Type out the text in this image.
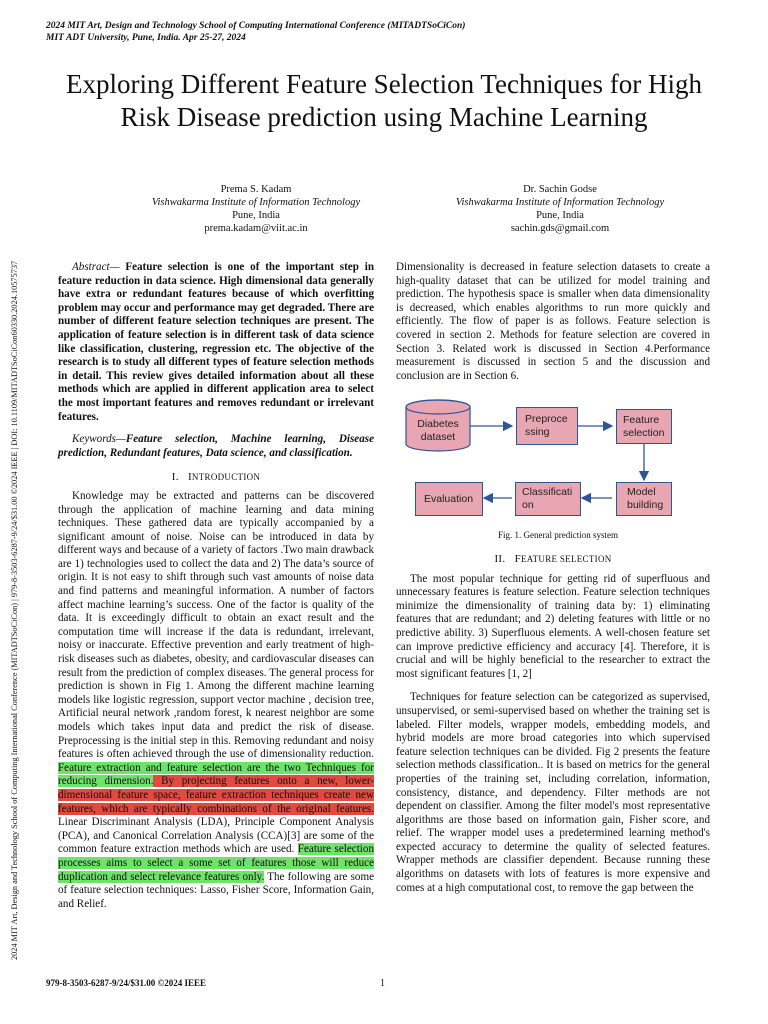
2024 MIT Art, Design and Technology School of Computing International Conference (MITADTSoCiCon)
MIT ADT University, Pune, India. Apr 25-27, 2024
2024 MIT Art, Design and Technology School of Computing International Conference (MITADTSoCiCon) | 979-8-3503-6287-9/24/$31.00 ©2024 IEEE | DOI: 10.1109/MITADTSoCiCon60330.2024.10575737
Exploring Different Feature Selection Techniques for High Risk Disease prediction using Machine Learning
Prema S. Kadam
Vishwakarma Institute of Information Technology
Pune, India
prema.kadam@viit.ac.in
Dr. Sachin Godse
Vishwakarma Institute of Information Technology
Pune, India
sachin.gds@gmail.com

Abstract— Feature selection is one of the important step in feature reduction in data science. High dimensional data generally have extra or redundant features because of which overfitting problem may occur and performance may get degraded. There are number of different feature selection techniques are present. The application of feature selection is in different task of data science like classification, clustering, regression etc. The objective of the research is to study all different types of feature selection methods in detail. This review gives detailed information about all these methods which are applied in different application area to select the most important features and removes redundant or irrelevant features.

Keywords—Feature selection, Machine learning, Disease prediction, Redundant features, Data science, and classification.

I. INTRODUCTION

Knowledge may be extracted and patterns can be discovered through the application of machine learning and data mining techniques. These gathered data are typically accompanied by a significant amount of noise. Noise can be introduced in data by different ways and because of a variety of factors .Two main drawback are 1) technologies used to collect the data and 2) The data’s source of origin. It is not easy to shift through such vast amounts of noise data and find patterns and meaningful information. A number of factors affect machine learning’s success. One of the factor is quality of the data. It is exceedingly difficult to obtain an exact result and the computation time will increase if the data is redundant, irrelevant, noisy or inaccurate. Effective prevention and early treatment of high-risk diseases such as diabetes, obesity, and cardiovascular diseases can result from the prediction of complex diseases. The general process for prediction is shown in Fig 1. Among the different machine learning models like logistic regression, support vector machine , decision tree, Artificial neural network ,random forest, k nearest neighbor are some models which takes input data and predict the risk of disease. Preprocessing is the initial step in this. Removing redundant and noisy features is often achieved through the use of dimensionality reduction. Feature extraction and feature selection are the two Techniques for reducing dimension. By projecting features onto a new, lower-dimensional feature space, feature extraction techniques create new features, which are typically combinations of the original features. Linear Discriminant Analysis (LDA), Principle Component Analysis (PCA), and Canonical Correlation Analysis (CCA)[3] are some of the common feature extraction methods which are used. Feature selection processes aims to select a some set of features those will reduce duplication and select relevance features only. The following are some of feature selection techniques: Lasso, Fisher Score, Information Gain, and Relief.

Dimensionality is decreased in feature selection datasets to create a high-quality dataset that can be utilized for model training and prediction. The hypothesis space is smaller when data dimensionality is decreased, which enables algorithms to run more quickly and efficiently. The flow of paper is as follows. Feature selection is covered in section 2. Methods for feature selection are covered in Section 3. Related work is discussed in Section 4.Performance measurement is discussed in section 5 and the discussion and conclusion are in Section 6.

Diabetes dataset
Preproce ssing
Feature selection
Model building
Classificati on
Evaluation
Fig. 1. General prediction system

II. FEATURE SELECTION

The most popular technique for getting rid of superfluous and unnecessary features is feature selection. Feature selection techniques minimize the dimensionality of training data by: 1) eliminating features that are redundant; and 2) deleting features with little or no predictive ability. 3) Superfluous elements. A well-chosen feature set can improve predictive efficiency and accuracy [4]. Therefore, it is crucial and will be highly beneficial to the researcher to extract the most significant features [1, 2]

Techniques for feature selection can be categorized as supervised, unsupervised, or semi-supervised based on whether the training set is labeled. Filter models, wrapper models, embedding models, and hybrid models are more broad categories into which supervised feature selection techniques can be divided. Fig 2 presents the feature selection methods classification.. It is based on metrics for the general properties of the training set, including correlation, information, consistency, distance, and dependency. Filter methods are not dependent on classifier. Among the filter model's most representative algorithms are those based on information gain, Fisher score, and relief. The wrapper model uses a predetermined learning method's expected accuracy to determine the quality of selected features. Wrapper methods are classifier dependent. Because running these algorithms on datasets with lots of features is more expensive and comes at a high computational cost, to remove the gap between the

979-8-3503-6287-9/24/$31.00 ©2024 IEEE	1
